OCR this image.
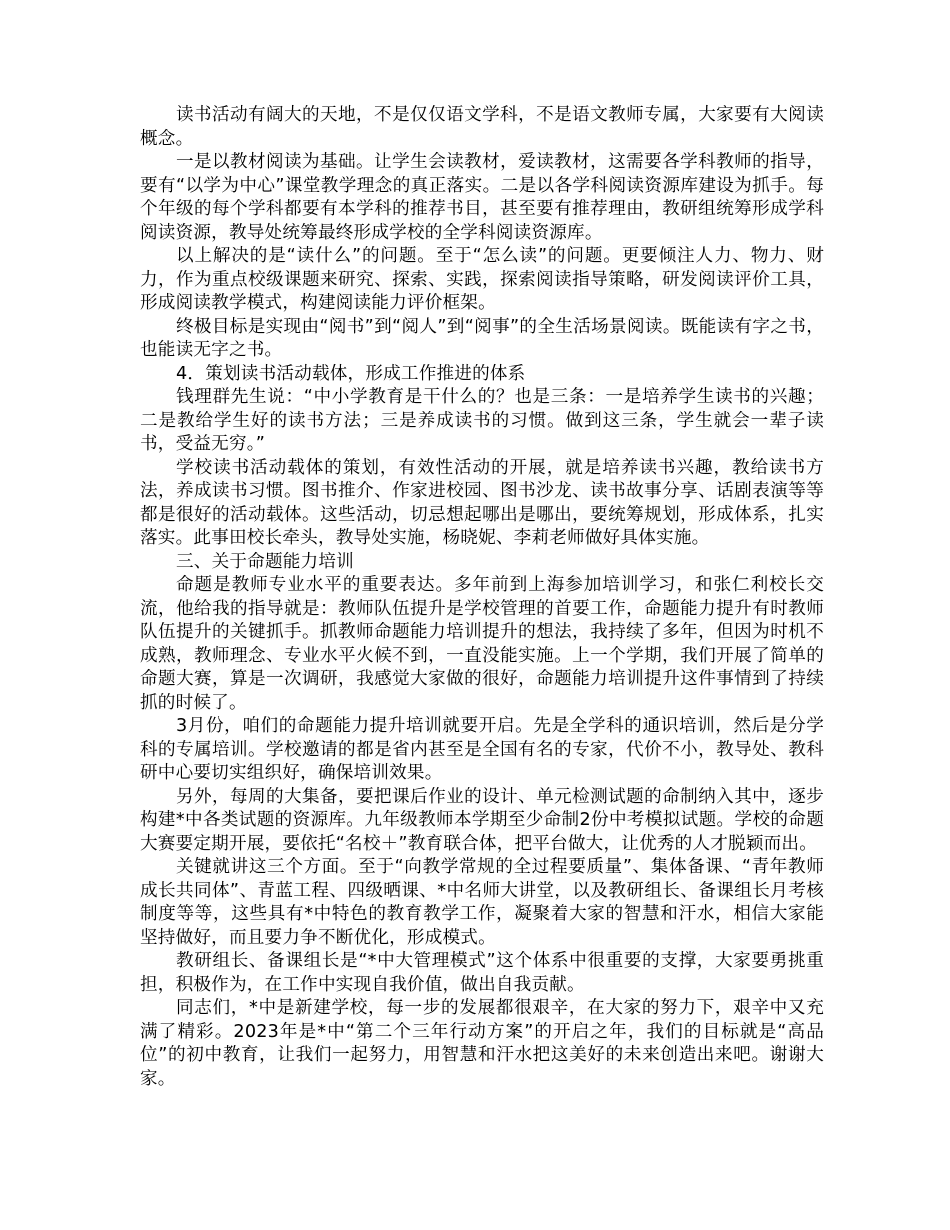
读书活动有阔大的天地，不是仅仅语文学科，不是语文教师专属，大家要有大阅读概念。

一是以教材阅读为基础。让学生会读教材，爱读教材，这需要各学科教师的指导，要有“以学为中心”课堂教学理念的真正落实。二是以各学科阅读资源库建设为抓手。每个年级的每个学科都要有本学科的推荐书目，甚至要有推荐理由，教研组统筹形成学科阅读资源，教导处统筹最终形成学校的全学科阅读资源库。

以上解决的是“读什么”的问题。至于“怎么读”的问题。更要倾注人力、物力、财力，作为重点校级课题来研究、探索、实践，探索阅读指导策略，研发阅读评价工具，形成阅读教学模式，构建阅读能力评价框架。

终极目标是实现由“阅书”到“阅人”到“阅事”的全生活场景阅读。既能读有字之书，也能读无字之书。

4．策划读书活动载体，形成工作推进的体系

钱理群先生说：“中小学教育是干什么的？也是三条：一是培养学生读书的兴趣；二是教给学生好的读书方法；三是养成读书的习惯。做到这三条，学生就会一辈子读书，受益无穷。”

学校读书活动载体的策划，有效性活动的开展，就是培养读书兴趣，教给读书方法，养成读书习惯。图书推介、作家进校园、图书沙龙、读书故事分享、话剧表演等等都是很好的活动载体。这些活动，切忌想起哪出是哪出，要统筹规划，形成体系，扎实落实。此事田校长牵头，教导处实施，杨晓妮、李莉老师做好具体实施。

三、关于命题能力培训

命题是教师专业水平的重要表达。多年前到上海参加培训学习，和张仁利校长交流，他给我的指导就是：教师队伍提升是学校管理的首要工作，命题能力提升有时教师队伍提升的关键抓手。抓教师命题能力培训提升的想法，我持续了多年，但因为时机不成熟，教师理念、专业水平火候不到，一直没能实施。上一个学期，我们开展了简单的命题大赛，算是一次调研，我感觉大家做的很好，命题能力培训提升这件事情到了持续抓的时候了。

3月份，咱们的命题能力提升培训就要开启。先是全学科的通识培训，然后是分学科的专属培训。学校邀请的都是省内甚至是全国有名的专家，代价不小，教导处、教科研中心要切实组织好，确保培训效果。

另外，每周的大集备，要把课后作业的设计、单元检测试题的命制纳入其中，逐步构建*中各类试题的资源库。九年级教师本学期至少命制2份中考模拟试题。学校的命题大赛要定期开展，要依托“名校＋”教育联合体，把平台做大，让优秀的人才脱颖而出。

关键就讲这三个方面。至于“向教学常规的全过程要质量”、集体备课、“青年教师成长共同体”、青蓝工程、四级晒课、*中名师大讲堂，以及教研组长、备课组长月考核制度等等，这些具有*中特色的教育教学工作，凝聚着大家的智慧和汗水，相信大家能坚持做好，而且要力争不断优化，形成模式。

教研组长、备课组长是“*中大管理模式”这个体系中很重要的支撑，大家要勇挑重担，积极作为，在工作中实现自我价值，做出自我贡献。

同志们，*中是新建学校，每一步的发展都很艰辛，在大家的努力下，艰辛中又充满了精彩。2023年是*中“第二个三年行动方案”的开启之年，我们的目标就是“高品位”的初中教育，让我们一起努力，用智慧和汗水把这美好的未来创造出来吧。谢谢大家。
